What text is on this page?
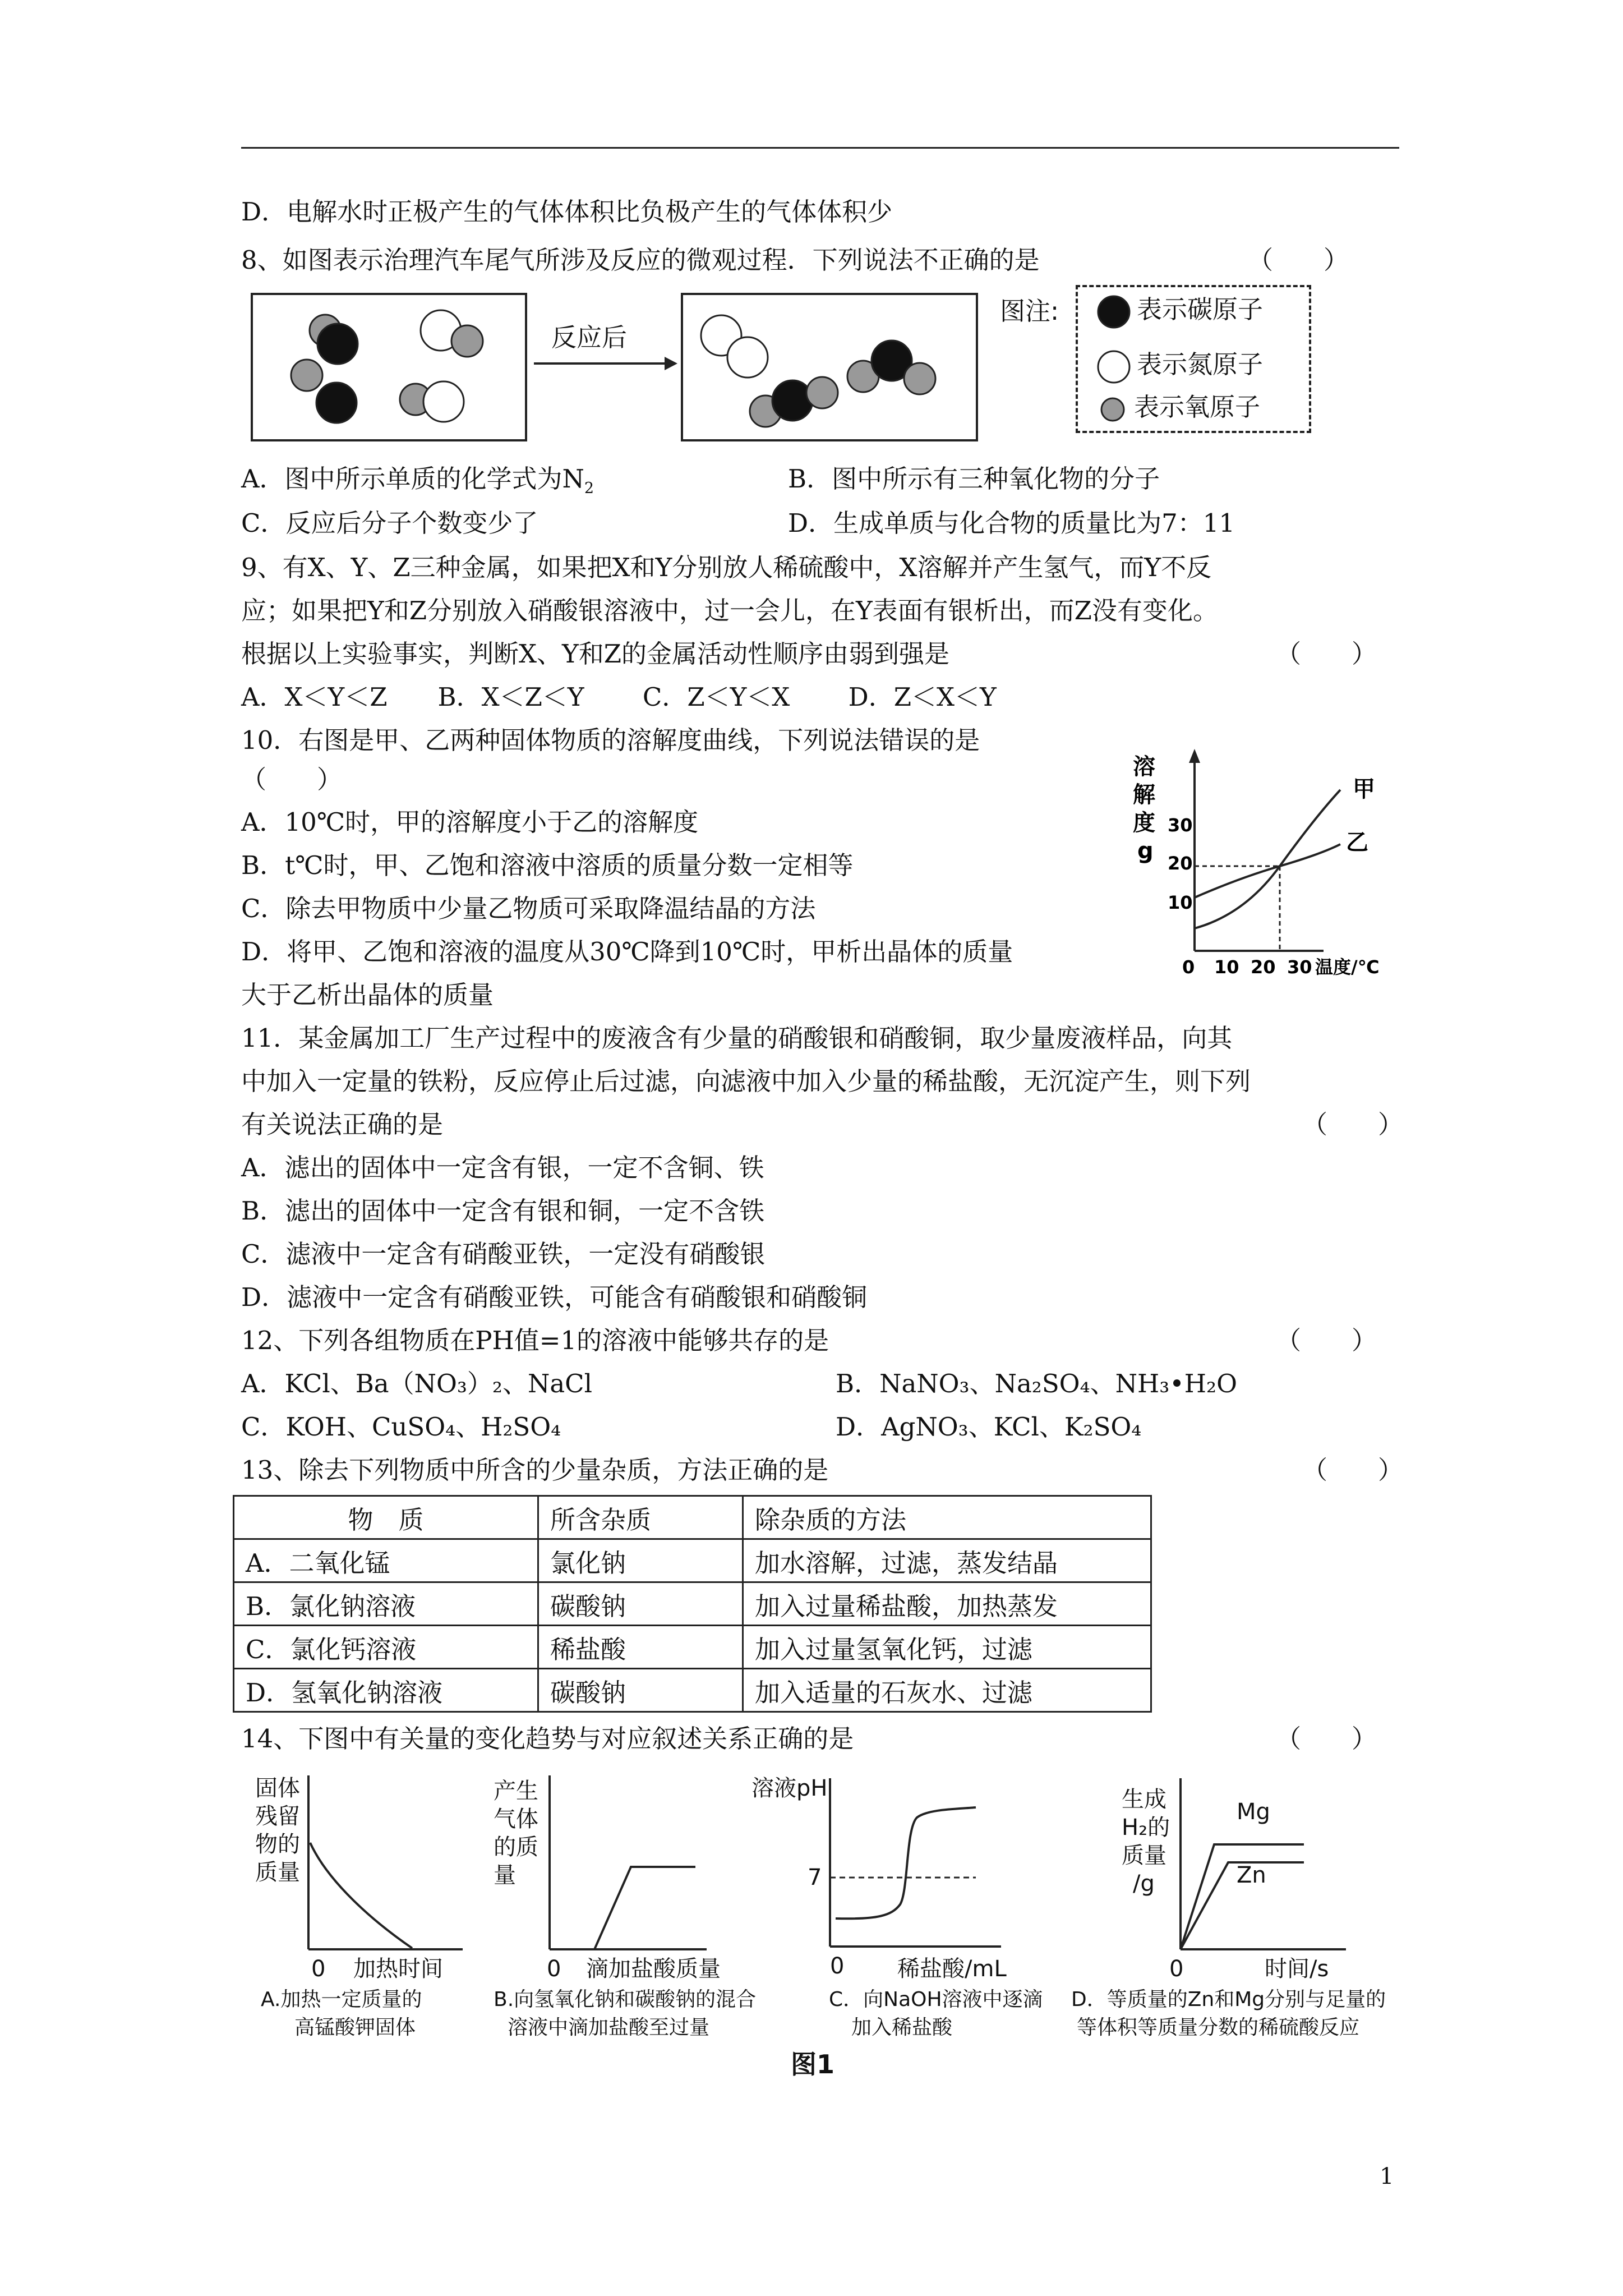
D．电解水时正极产生的气体体积比负极产生的气体体积少
8、如图表示治理汽车尾气所涉及反应的微观过程．下列说法不正确的是	（　　）
反应后
图注:	表示碳原子
表示氮原子
表示氧原子
A．图中所示单质的化学式为$N_2$	B．图中所示有三种氧化物的分子
C．反应后分子个数变少了	D．生成单质与化合物的质量比为7：11
9、有X、Y、Z三种金属，如果把X和Y分别放人稀硫酸中，X溶解并产生氢气，而Y不反
应；如果把Y和Z分别放入硝酸银溶液中，过一会儿，在Y表面有银析出，而Z没有变化。
根据以上实验事实，判断X、Y和Z的金属活动性顺序由弱到强是	（　　）
A．X＜Y＜Z　　B．X＜Z＜Y　　 C．Z＜Y＜X　　 D．Z＜X＜Y
10．右图是甲、乙两种固体物质的溶解度曲线，下列说法错误的是
（　　）
A．10℃时，甲的溶解度小于乙的溶解度
B．t℃时，甲、乙饱和溶液中溶质的质量分数一定相等
C．除去甲物质中少量乙物质可采取降温结晶的方法
D．将甲、乙饱和溶液的温度从30℃降到10℃时，甲析出晶体的质量
大于乙析出晶体的质量
溶
解
度
g
30
20
10
0 10 20 30 温度/℃
甲
乙
11．某金属加工厂生产过程中的废液含有少量的硝酸银和硝酸铜，取少量废液样品，向其
中加入一定量的铁粉，反应停止后过滤，向滤液中加入少量的稀盐酸，无沉淀产生，则下列
有关说法正确的是	（　　）
A．滤出的固体中一定含有银，一定不含铜、铁
B．滤出的固体中一定含有银和铜，一定不含铁
C．滤液中一定含有硝酸亚铁，一定没有硝酸银
D．滤液中一定含有硝酸亚铁，可能含有硝酸银和硝酸铜
12、下列各组物质在PH值=1的溶液中能够共存的是	（　　）
A．KCl、Ba（NO₃）₂、NaCl	B．NaNO₃、Na₂SO₄、NH₃•H₂O
C．KOH、CuSO₄、H₂SO₄	D．AgNO₃、KCl、K₂SO₄
13、除去下列物质中所含的少量杂质，方法正确的是	（　　）
物　质	所含杂质	除杂质的方法
A．二氧化锰	氯化钠	加水溶解，过滤，蒸发结晶
B．氯化钠溶液	碳酸钠	加入过量稀盐酸，加热蒸发
C．氯化钙溶液	稀盐酸	加入过量氢氧化钙，过滤
D．氢氧化钠溶液	碳酸钠	加入适量的石灰水、过滤
14、下图中有关量的变化趋势与对应叙述关系正确的是	（　　）
固体
残留
物的
质量
0 加热时间
A.加热一定质量的
高锰酸钾固体
产生
气体
的质
量
0 滴加盐酸质量
B.向氢氧化钠和碳酸钠的混合
溶液中滴加盐酸至过量
溶液pH
7
0 稀盐酸/mL
C．向NaOH溶液中逐滴
加入稀盐酸
生成
H₂的
质量
/g
Mg
Zn
0	时间/s
D．等质量的Zn和Mg分别与足量的
等体积等质量分数的稀硫酸反应
图1
1
